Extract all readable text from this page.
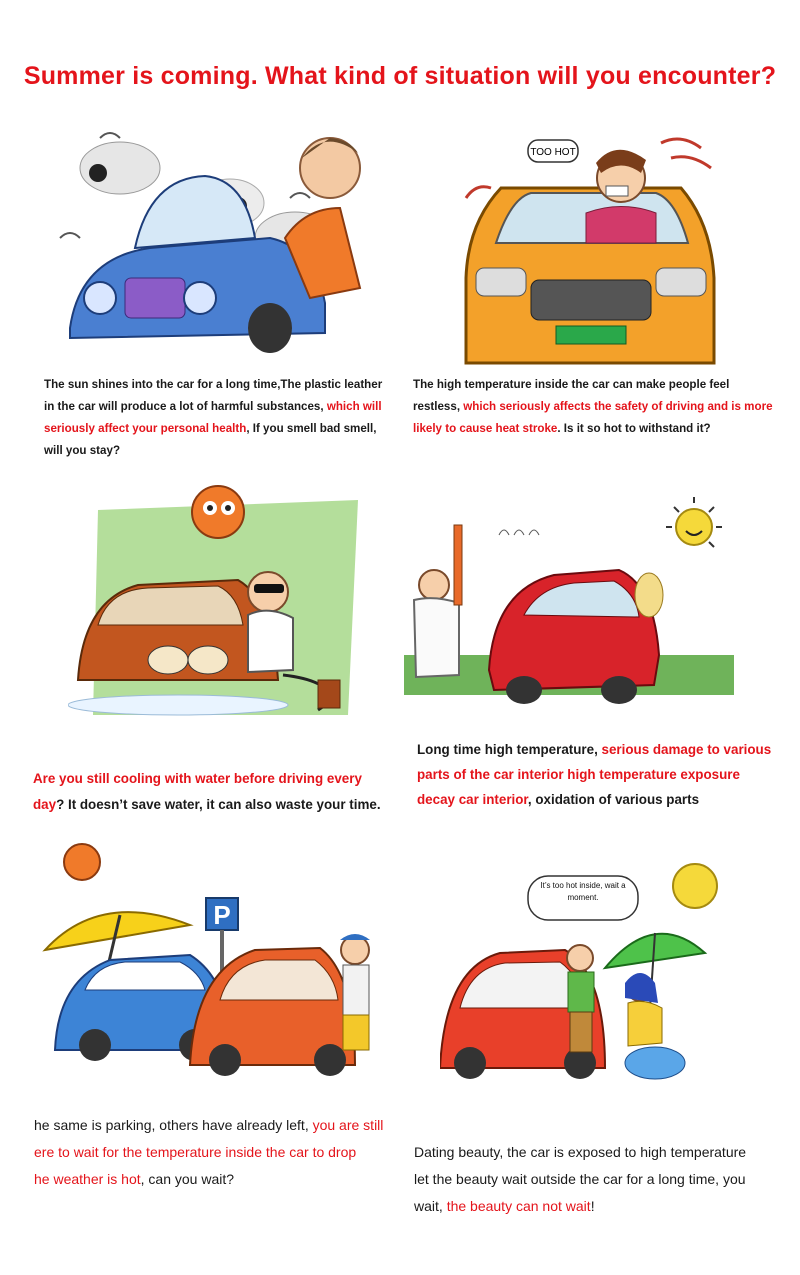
Summer is coming. What kind of situation will you encounter?
TOO HOT
The sun shines into the car for a long time,The plastic leather in the car will produce a lot of harmful substances, which will seriously affect your personal health, If you smell bad smell, will you stay?
The high temperature inside the car can make people feel restless, which seriously affects the safety of driving and is more likely to cause heat stroke. Is it so hot to withstand it?
Are you still cooling with water before driving every day? It doesn’t save water, it can also waste your time.
Long time high temperature, serious damage to various parts of the car interior high temperature exposure decay car interior, oxidation of various parts
P
It’s too hot inside, wait a moment.
he same is parking, others have already left, you are still
ere to wait for the temperature inside the car to drop
he weather is hot, can you wait?

Dating beauty, the car is exposed to high temperature
let the beauty wait outside the car for a long time, you
wait, the beauty can not wait!
